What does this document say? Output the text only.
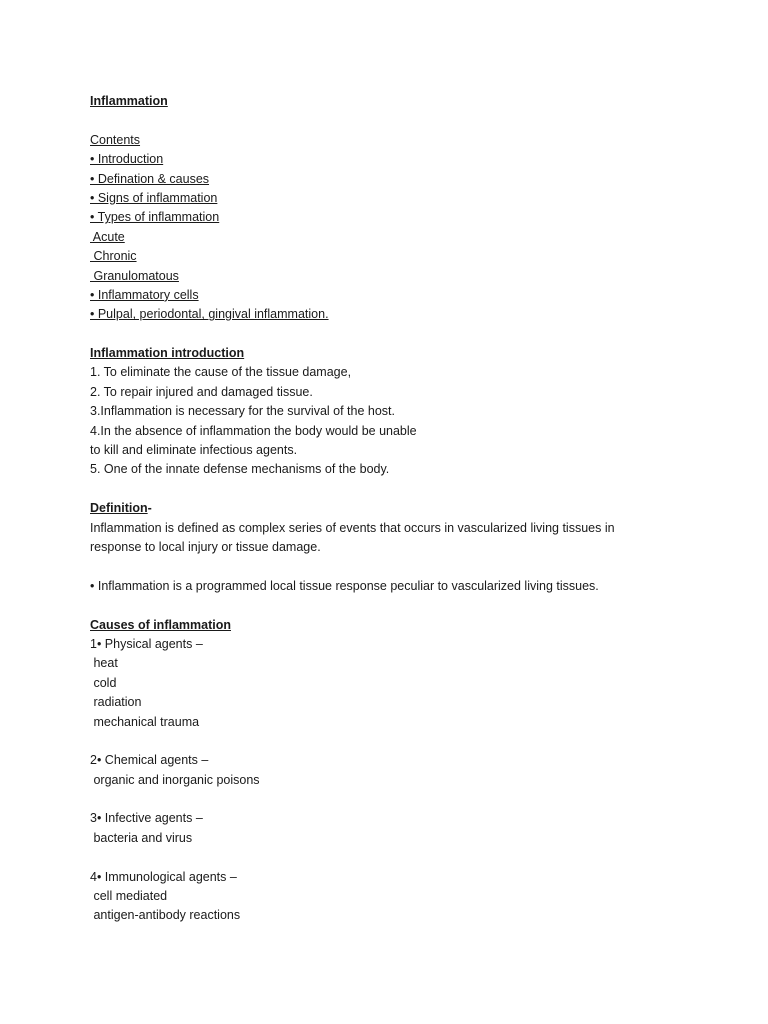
Inflammation
Contents
• Introduction
• Defination & causes
• Signs of inflammation
• Types of inflammation
Acute
Chronic
Granulomatous
• Inflammatory cells
• Pulpal, periodontal, gingival inflammation.
Inflammation introduction
1. To eliminate the cause of the tissue damage,
2. To repair injured and damaged tissue.
3.Inflammation is necessary for the survival of the host.
4.In the absence of inflammation the body would be unable
to kill and eliminate infectious agents.
5. One of the innate defense mechanisms of the body.
Definition-
Inflammation is defined as complex series of events that occurs in vascularized living tissues in
response to local injury or tissue damage.
• Inflammation is a programmed local tissue response peculiar to vascularized living tissues.
Causes of inflammation
1• Physical agents –
heat
cold
radiation
mechanical trauma
2• Chemical agents –
organic and inorganic poisons
3• Infective agents –
bacteria and virus
4• Immunological agents –
cell mediated
antigen-antibody reactions
